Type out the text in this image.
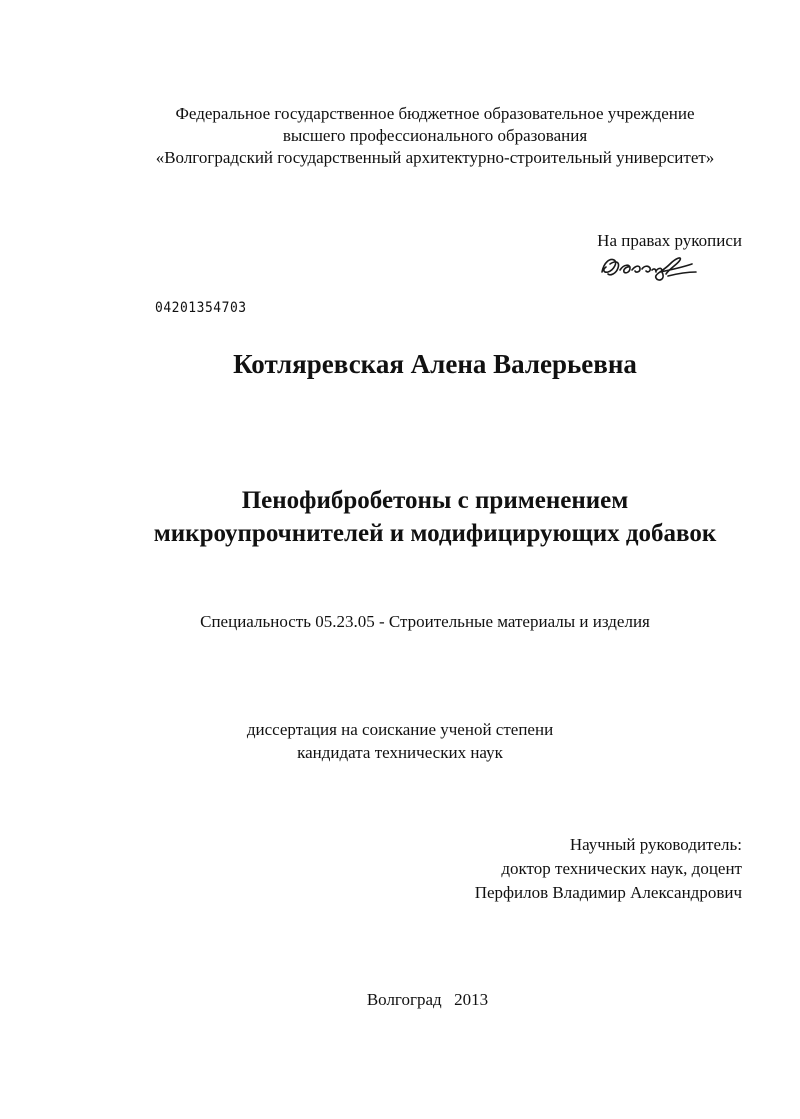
Федеральное государственное бюджетное образовательное учреждение
высшего профессионального образования
«Волгоградский государственный архитектурно-строительный университет»
На правах рукописи
04201354703
Котляревская Алена Валерьевна
Пенофибробетоны с применением
микроупрочнителей и модифицирующих добавок
Специальность 05.23.05 - Строительные материалы и изделия
диссертация на соискание ученой степени
кандидата технических наук
Научный руководитель:
доктор технических наук, доцент
Перфилов Владимир Александрович
Волгоград  2013
